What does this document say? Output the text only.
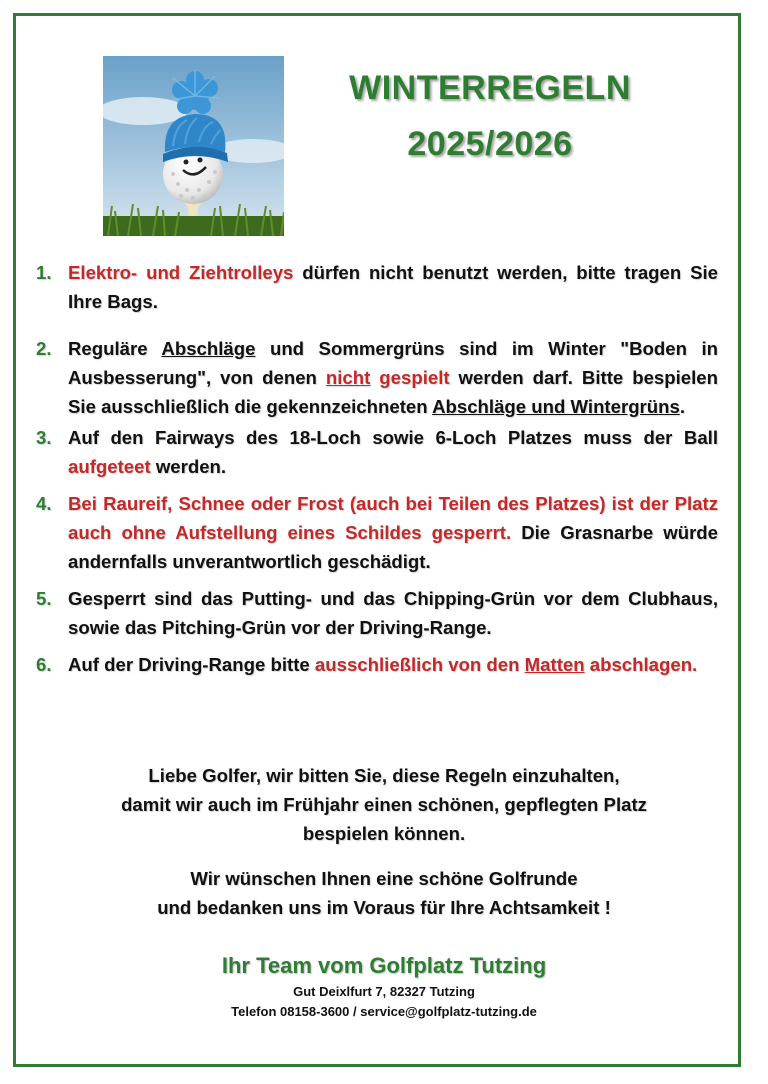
WINTERREGELN
2025/2026
1. Elektro- und Ziehtrolleys dürfen nicht benutzt werden, bitte tragen Sie Ihre Bags.
2. Reguläre Abschläge und Sommergrüns sind im Winter "Boden in Ausbesserung", von denen nicht gespielt werden darf. Bitte bespielen Sie ausschließlich die gekennzeichneten Abschläge und Wintergrüns.
3. Auf den Fairways des 18-Loch sowie 6-Loch Platzes muss der Ball aufgeteet werden.
4. Bei Raureif, Schnee oder Frost (auch bei Teilen des Platzes) ist der Platz auch ohne Aufstellung eines Schildes gesperrt. Die Grasnarbe würde andernfalls unverantwortlich geschädigt.
5. Gesperrt sind das Putting- und das Chipping-Grün vor dem Clubhaus, sowie das Pitching-Grün vor der Driving-Range.
6. Auf der Driving-Range bitte ausschließlich von den Matten abschlagen.
Liebe Golfer, wir bitten Sie, diese Regeln einzuhalten,
damit wir auch im Frühjahr einen schönen, gepflegten Platz
bespielen können.
Wir wünschen Ihnen eine schöne Golfrunde
und bedanken uns im Voraus für Ihre Achtsamkeit !
Ihr Team vom Golfplatz Tutzing
Gut Deixlfurt 7, 82327 Tutzing
Telefon 08158-3600 / service@golfplatz-tutzing.de
